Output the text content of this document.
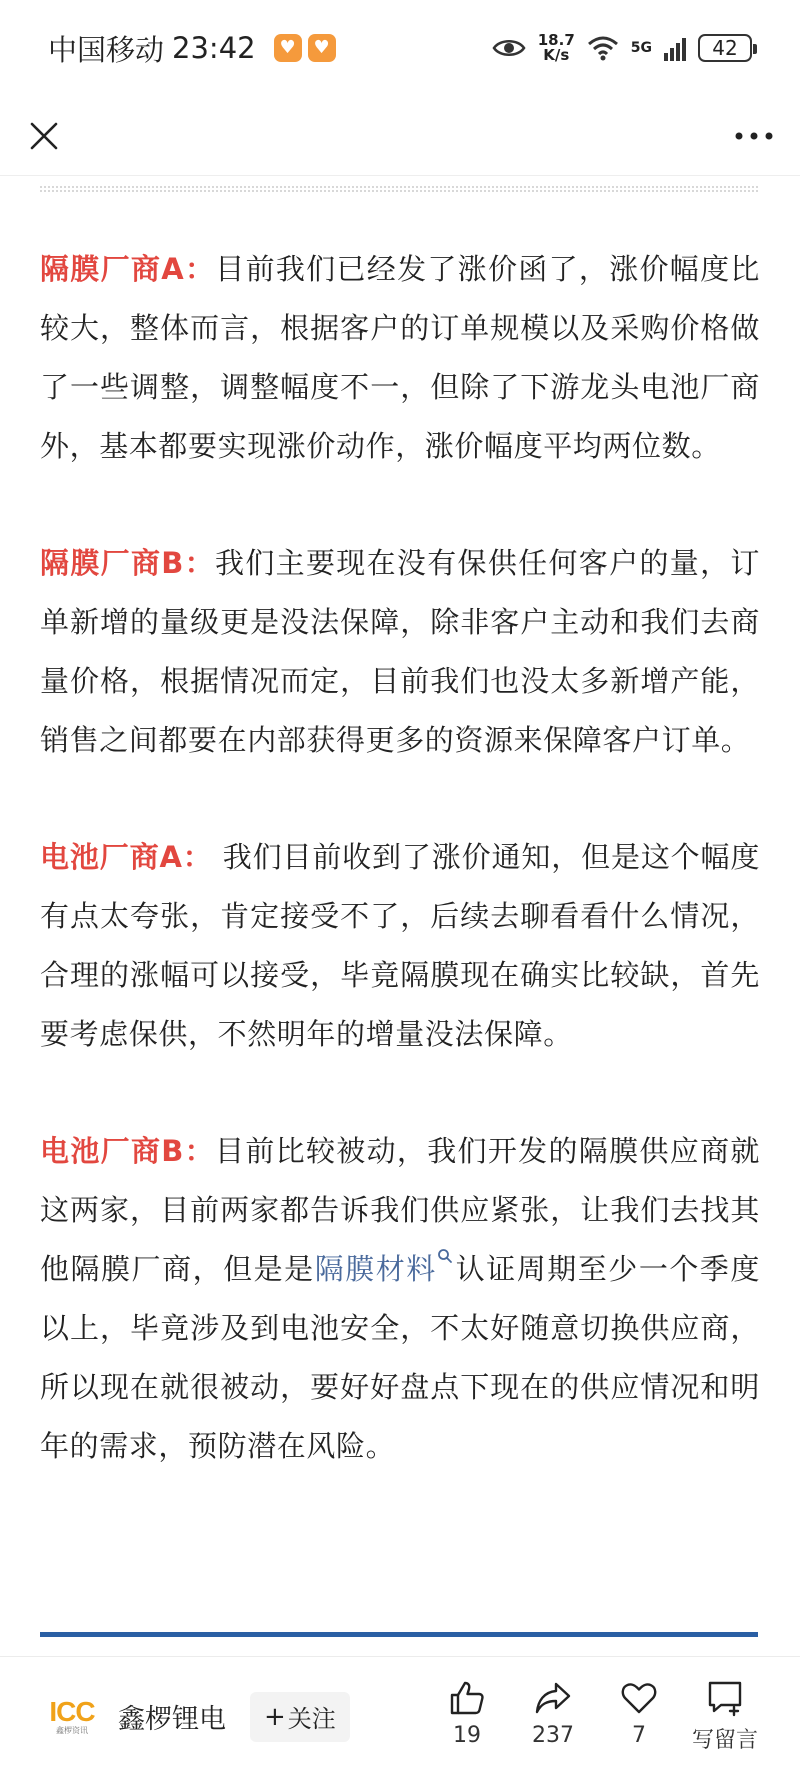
中国移动 23:42	♥ ♥	18.7
K/s	5G	42

隔膜厂商A：目前我们已经发了涨价函了，涨价幅度比较大，整体而言，根据客户的订单规模以及采购价格做了一些调整，调整幅度不一，但除了下游龙头电池厂商外，基本都要实现涨价动作，涨价幅度平均两位数。

隔膜厂商B：我们主要现在没有保供任何客户的量，订单新增的量级更是没法保障，除非客户主动和我们去商量价格，根据情况而定，目前我们也没太多新增产能，销售之间都要在内部获得更多的资源来保障客户订单。

电池厂商A： 我们目前收到了涨价通知，但是这个幅度有点太夸张，肯定接受不了，后续去聊看看什么情况，合理的涨幅可以接受，毕竟隔膜现在确实比较缺，首先要考虑保供，不然明年的增量没法保障。

电池厂商B：目前比较被动，我们开发的隔膜供应商就这两家，目前两家都告诉我们供应紧张，让我们去找其他隔膜厂商，但是是隔膜材料 认证周期至少一个季度以上，毕竟涉及到电池安全，不太好随意切换供应商，所以现在就很被动，要好好盘点下现在的供应情况和明年的需求，预防潜在风险。

ICC
鑫椤资讯 鑫椤锂电 + 关注
19 237	7 写留言
